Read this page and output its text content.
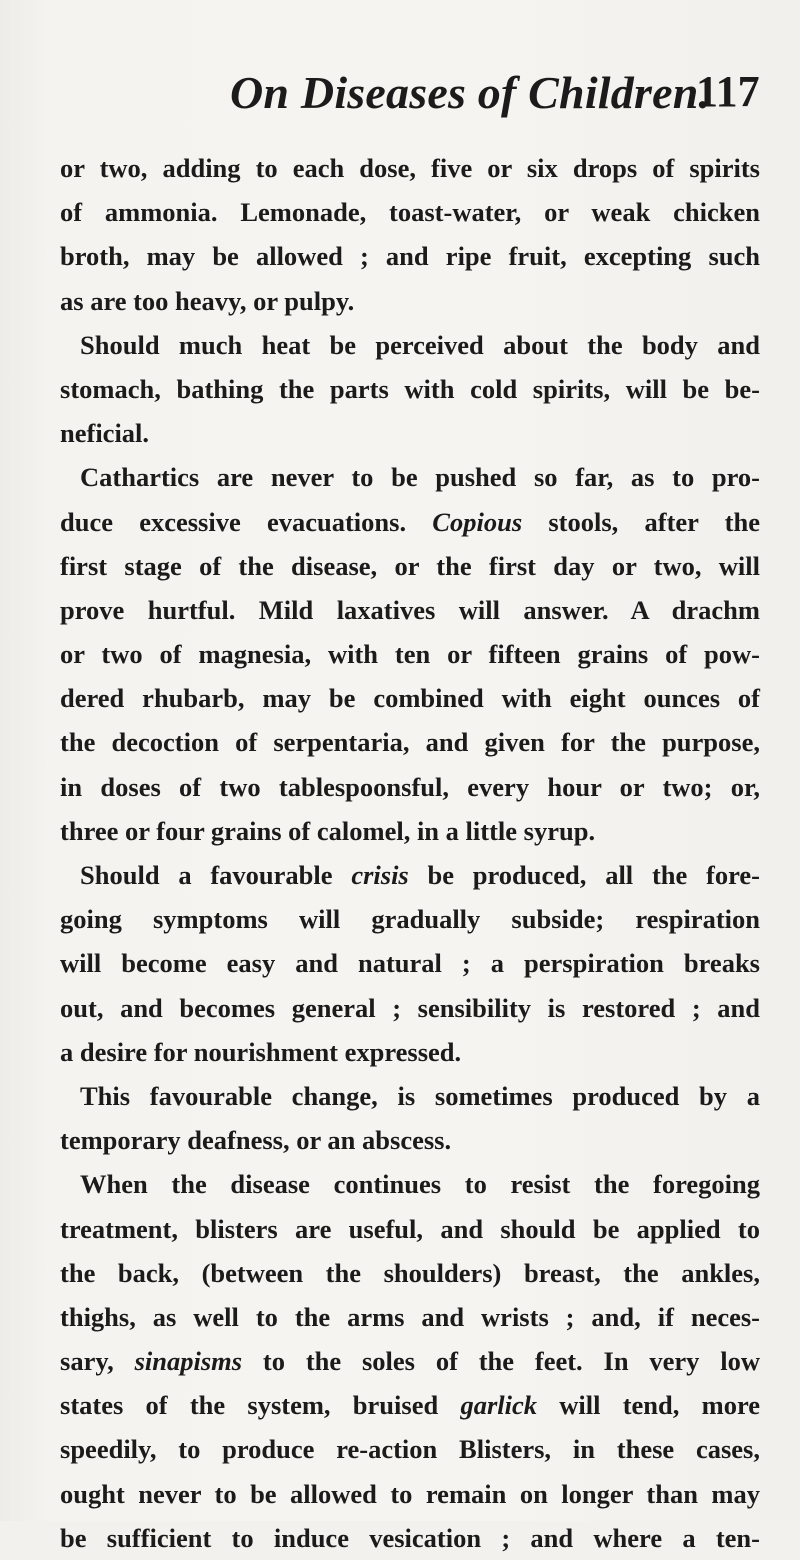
On Diseases of Children.
117
or two, adding to each dose, five or six drops of spirits
of ammonia. Lemonade, toast-water, or weak chicken
broth, may be allowed ; and ripe fruit, excepting such
as are too heavy, or pulpy.
Should much heat be perceived about the body and
stomach, bathing the parts with cold spirits, will be be-
neficial.
Cathartics are never to be pushed so far, as to pro-
duce excessive evacuations. Copious stools, after the
first stage of the disease, or the first day or two, will
prove hurtful. Mild laxatives will answer. A drachm
or two of magnesia, with ten or fifteen grains of pow-
dered rhubarb, may be combined with eight ounces of
the decoction of serpentaria, and given for the purpose,
in doses of two tablespoonsful, every hour or two; or,
three or four grains of calomel, in a little syrup.
Should a favourable crisis be produced, all the fore-
going symptoms will gradually subside; respiration
will become easy and natural ; a perspiration breaks
out, and becomes general ; sensibility is restored ; and
a desire for nourishment expressed.
This favourable change, is sometimes produced by a
temporary deafness, or an abscess.
When the disease continues to resist the foregoing
treatment, blisters are useful, and should be applied to
the back, (between the shoulders) breast, the ankles,
thighs, as well to the arms and wrists ; and, if neces-
sary, sinapisms to the soles of the feet. In very low
states of the system, bruised garlick will tend, more
speedily, to produce re-action Blisters, in these cases,
ought never to be allowed to remain on longer than may
be sufficient to induce vesication ; and where a ten-
